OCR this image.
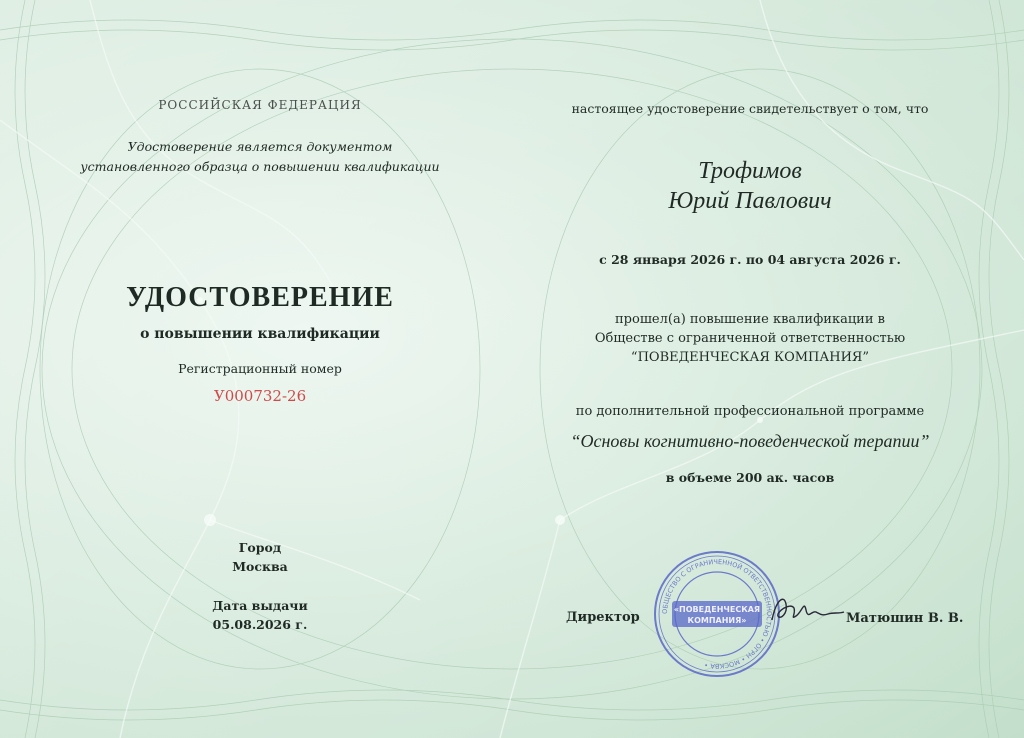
РОССИЙСКАЯ ФЕДЕРАЦИЯ
Удостоверение является документом
установленного образца о повышении квалификации
УДОСТОВЕРЕНИЕ
о повышении квалификации
Регистрационный номер
У000732-26
Город
Москва
Дата выдачи
05.08.2026 г.
настоящее удостоверение свидетельствует о том, что
Трофимов
Юрий Павлович
с 28 января 2026 г. по 04 августа 2026 г.
прошел(а) повышение квалификации в
Обществе с ограниченной ответственностью
“ПОВЕДЕНЧЕСКАЯ КОМПАНИЯ”
по дополнительной профессиональной программе
“Основы когнитивно-поведенческой терапии”
в объеме 200 ак. часов
Директор	Матюшин В. В.
ОБЩЕСТВО С ОГРАНИЧЕННОЙ ОТВЕТСТВЕННОСТЬЮ • ОГРН • МОСКВА •
«ПОВЕДЕНЧЕСКАЯ
КОМПАНИЯ»
